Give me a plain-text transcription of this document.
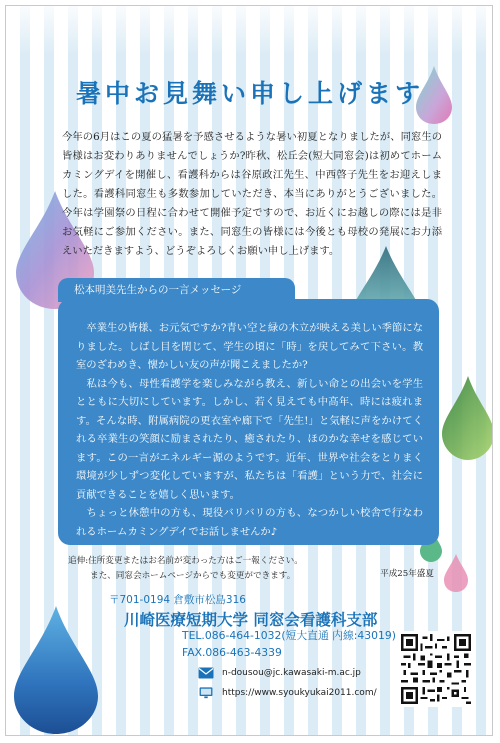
暑中お見舞い申し上げます

今年の6月はこの夏の猛暑を予感させるような暑い初夏となりましたが、同窓生の皆様はお変わりありませんでしょうか?昨秋、松丘会(短大同窓会)は初めてホームカミングデイを開催し、看護科からは谷原政江先生、中西啓子先生をお迎えしました。看護科同窓生も多数参加していただき、本当にありがとうございました。今年は学園祭の日程に合わせて開催予定ですので、お近くにお越しの際には是非お気軽にご参加ください。また、同窓生の皆様には今後とも母校の発展にお力添えいただきますよう、どうぞよろしくお願い申し上げます。

松本明美先生からの一言メッセージ

　卒業生の皆様、お元気ですか?青い空と緑の木立が映える美しい季節になりました。しばし目を閉じて、学生の頃に「時」を戻してみて下さい。教室のざわめき、懐かしい友の声が聞こえましたか?

　私は今も、母性看護学を楽しみながら教え、新しい命との出会いを学生とともに大切にしています。しかし、若く見えても中高年、時には疲れます。そんな時、附属病院の更衣室や廊下で「先生!」と気軽に声をかけてくれる卒業生の笑顔に励まされたり、癒されたり、ほのかな幸せを感じています。この一言がエネルギー源のようです。近年、世界や社会をとりまく環境が少しずつ変化していますが、私たちは「看護」という力で、社会に貢献できることを嬉しく思います。

　ちょっと休憩中の方も、現役バリバリの方も、なつかしい校舎で行なわれるホームカミングデイでお話しませんか♪

追伸:住所変更またはお名前が変わった方はご一報ください。
また、同窓会ホームページからでも変更ができます。	平成25年盛夏
〒701-0194 倉敷市松島316
川崎医療短期大学 同窓会看護科支部
TEL.086-464-1032(短大直通 内線:43019)
FAX.086-463-4339
n-dousou@jc.kawasaki-m.ac.jp
https://www.syoukyukai2011.com/
